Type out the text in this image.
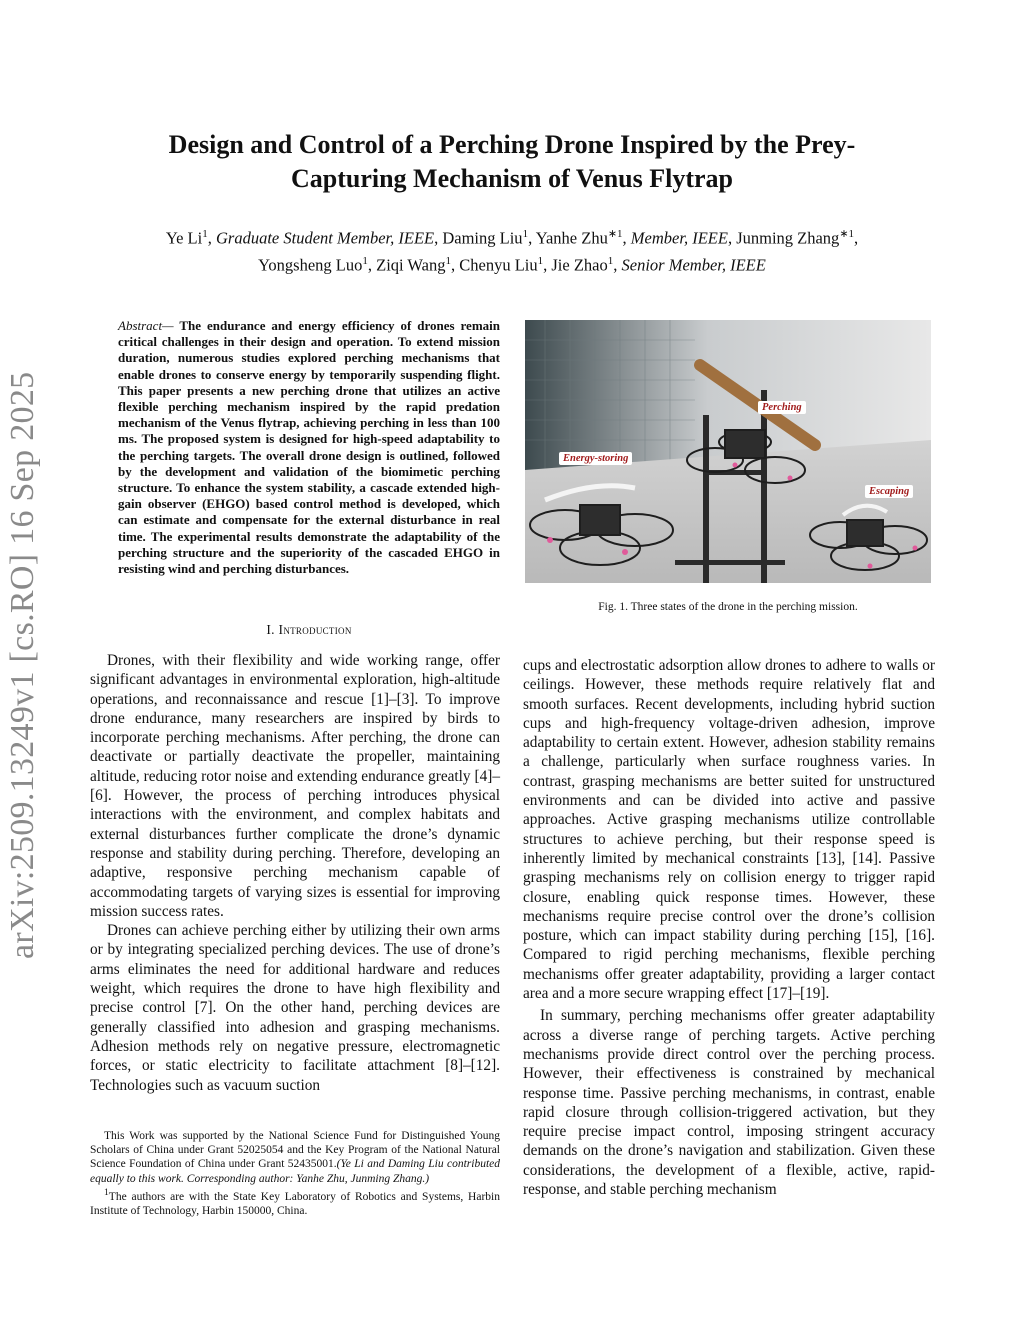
arXiv:2509.13249v1 [cs.RO] 16 Sep 2025
Design and Control of a Perching Drone Inspired by the Prey-Capturing Mechanism of Venus Flytrap
Ye Li$^1$, Graduate Student Member, IEEE, Daming Liu$^1$, Yanhe Zhu$^{∗1}$, Member, IEEE, Junming Zhang$^{∗1}$,
Yongsheng Luo$^1$, Ziqi Wang$^1$, Chenyu Liu$^1$, Jie Zhao$^1$, Senior Member, IEEE
Abstract— The endurance and energy efficiency of drones remain critical challenges in their design and operation. To extend mission duration, numerous studies explored perching mechanisms that enable drones to conserve energy by temporarily suspending flight. This paper presents a new perching drone that utilizes an active flexible perching mechanism inspired by the rapid predation mechanism of the Venus flytrap, achieving perching in less than 100 ms. The proposed system is designed for high-speed adaptability to the perching targets. The overall drone design is outlined, followed by the development and validation of the biomimetic perching structure. To enhance the system stability, a cascade extended high-gain observer (EHGO) based control method is developed, which can estimate and compensate for the external disturbance in real time. The experimental results demonstrate the adaptability of the perching structure and the superiority of the cascaded EHGO in resisting wind and perching disturbances.
I. Introduction

Drones, with their flexibility and wide working range, offer significant advantages in environmental exploration, high-altitude operations, and reconnaissance and rescue [1]–[3]. To improve drone endurance, many researchers are inspired by birds to incorporate perching mechanisms. After perching, the drone can deactivate or partially deactivate the propeller, maintaining altitude, reducing rotor noise and extending endurance greatly [4]–[6]. However, the process of perching introduces physical interactions with the environment, and complex habitats and external disturbances further complicate the drone’s dynamic response and stability during perching. Therefore, developing an adaptive, responsive perching mechanism capable of accommodating targets of varying sizes is essential for improving mission success rates.

Drones can achieve perching either by utilizing their own arms or by integrating specialized perching devices. The use of drone’s arms eliminates the need for additional hardware and reduces weight, which requires the drone to have high flexibility and precise control [7]. On the other hand, perching devices are generally classified into adhesion and grasping mechanisms. Adhesion methods rely on negative pressure, electromagnetic forces, or static electricity to facilitate attachment [8]–[12]. Technologies such as vacuum suction

This Work was supported by the National Science Fund for Distinguished Young Scholars of China under Grant 52025054 and the Key Program of the National Natural Science Foundation of China under Grant 52435001.(Ye Li and Daming Liu contributed equally to this work. Corresponding author: Yanhe Zhu, Junming Zhang.)

$^1$The authors are with the State Key Laboratory of Robotics and Systems, Harbin Institute of Technology, Harbin 150000, China.

Perching
Energy-storing
Escaping
Fig. 1. Three states of the drone in the perching mission.

cups and electrostatic adsorption allow drones to adhere to walls or ceilings. However, these methods require relatively flat and smooth surfaces. Recent developments, including hybrid suction cups and high-frequency voltage-driven adhesion, improve adaptability to certain extent. However, adhesion stability remains a challenge, particularly when surface roughness varies. In contrast, grasping mechanisms are better suited for unstructured environments and can be divided into active and passive approaches. Active grasping mechanisms utilize controllable structures to achieve perching, but their response speed is inherently limited by mechanical constraints [13], [14]. Passive grasping mechanisms rely on collision energy to trigger rapid closure, enabling quick response times. However, these mechanisms require precise control over the drone’s collision posture, which can impact stability during perching [15], [16]. Compared to rigid perching mechanisms, flexible perching mechanisms offer greater adaptability, providing a larger contact area and a more secure wrapping effect [17]–[19].

In summary, perching mechanisms offer greater adaptability across a diverse range of perching targets. Active perching mechanisms provide direct control over the perching process. However, their effectiveness is constrained by mechanical response time. Passive perching mechanisms, in contrast, enable rapid closure through collision-triggered activation, but they require precise impact control, imposing stringent accuracy demands on the drone’s navigation and stabilization. Given these considerations, the development of a flexible, active, rapid-response, and stable perching mechanism
